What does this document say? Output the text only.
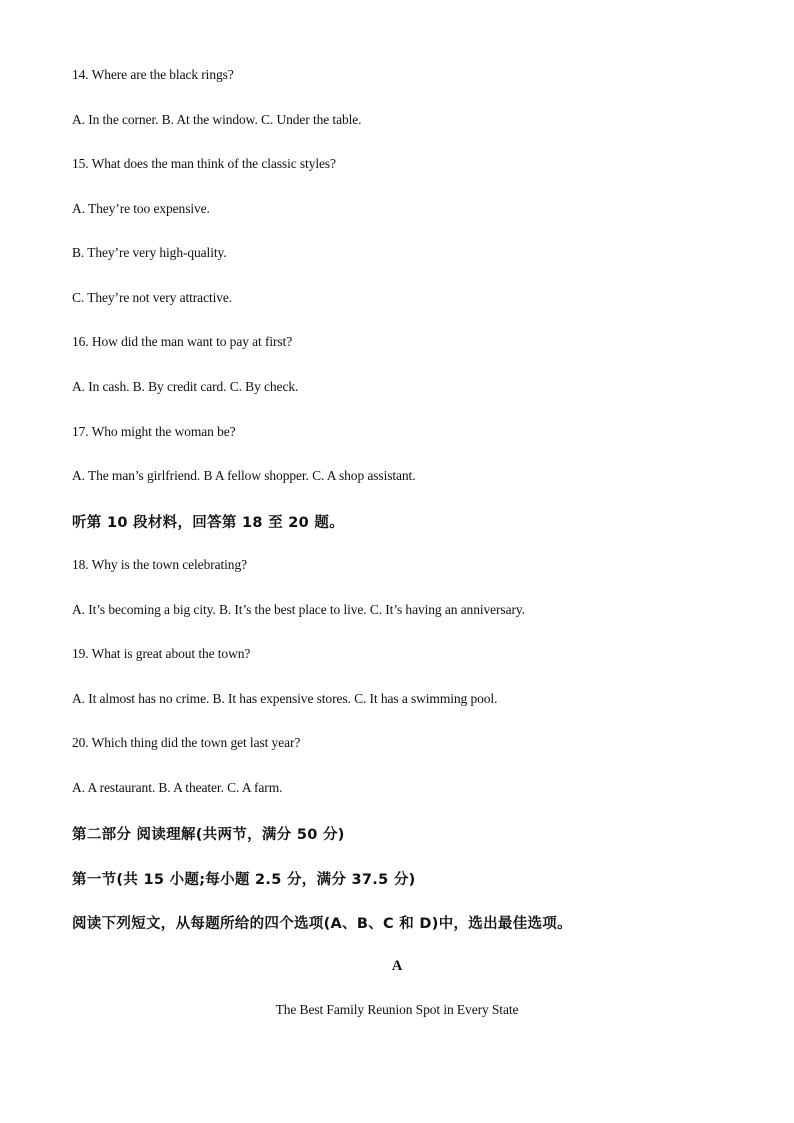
14. Where are the black rings?
A. In the corner. B. At the window. C. Under the table.
15. What does the man think of the classic styles?
A. They’re too expensive.
B. They’re very high-quality.
C. They’re not very attractive.
16. How did the man want to pay at first?
A. In cash. B. By credit card. C. By check.
17. Who might the woman be?
A. The man’s girlfriend. B A fellow shopper. C. A shop assistant.
听第 10 段材料，回答第 18 至 20 题。
18. Why is the town celebrating?
A. It’s becoming a big city. B. It’s the best place to live. C. It’s having an anniversary.
19. What is great about the town?
A. It almost has no crime. B. It has expensive stores. C. It has a swimming pool.
20. Which thing did the town get last year?
A. A restaurant. B. A theater. C. A farm.
第二部分 阅读理解(共两节，满分 50 分)
第一节(共 15 小题;每小题 2.5 分，满分 37.5 分)
阅读下列短文，从每题所给的四个选项(A、B、C 和 D)中，选出最佳选项。
A
The Best Family Reunion Spot in Every State
